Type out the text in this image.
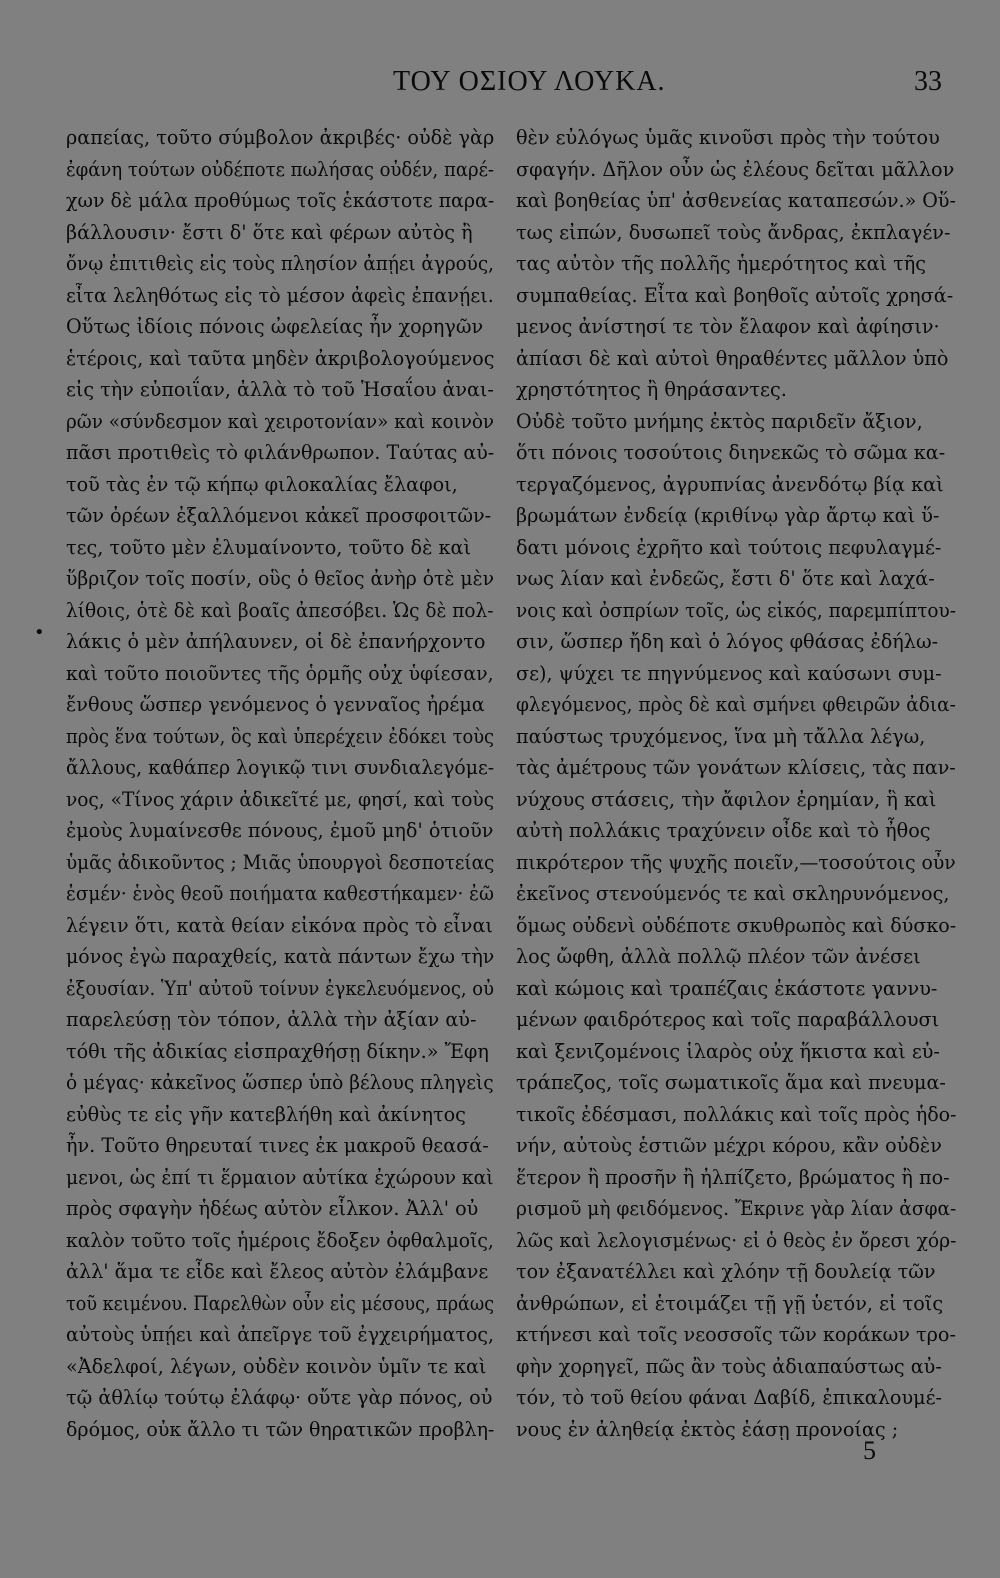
ΤΟΥ ΟΣΙΟΥ ΛΟΥΚΑ.	33
•
ραπείας, τοῦτο σύμβολον ἀκριβές· οὐδὲ γὰρ
ἐφάνη τούτων οὐδέποτε πωλήσας οὐδέν, παρέ-
χων δὲ μάλα προθύμως τοῖς ἑκάστοτε παρα-
βάλλουσιν· ἔστι δ' ὅτε καὶ φέρων αὐτὸς ἢ
ὄνῳ ἐπιτιθεὶς εἰς τοὺς πλησίον ἀπῄει ἀγρούς,
εἶτα λεληθότως εἰς τὸ μέσον ἀφεὶς ἐπανῄει.
Οὕτως ἰδίοις πόνοις ὠφελείας ἦν χορηγῶν
ἑτέροις, καὶ ταῦτα μηδὲν ἀκριβολογούμενος
εἰς τὴν εὐποιΐαν, ἀλλὰ τὸ τοῦ Ἡσαΐου ἀναι-
ρῶν «σύνδεσμον καὶ χειροτονίαν» καὶ κοινὸν
πᾶσι προτιθεὶς τὸ φιλάνθρωπον. Ταύτας αὐ-
τοῦ τὰς ἐν τῷ κήπῳ φιλοκαλίας ἔλαφοι,
τῶν ὀρέων ἐξαλλόμενοι κἀκεῖ προσφοιτῶν-
τες, τοῦτο μὲν ἐλυμαίνοντο, τοῦτο δὲ καὶ
ὕβριζον τοῖς ποσίν, οὓς ὁ θεῖος ἀνὴρ ὁτὲ μὲν
λίθοις, ὁτὲ δὲ καὶ βοαῖς ἀπεσόβει. Ὡς δὲ πολ-
λάκις ὁ μὲν ἀπήλαυνεν, οἱ δὲ ἐπανήρχοντο
καὶ τοῦτο ποιοῦντες τῆς ὁρμῆς οὐχ ὑφίεσαν,
ἔνθους ὥσπερ γενόμενος ὁ γενναῖος ἠρέμα
πρὸς ἕνα τούτων, ὃς καὶ ὑπερέχειν ἐδόκει τοὺς
ἄλλους, καθάπερ λογικῷ τινι συνδιαλεγόμε-
νος, «Τίνος χάριν ἀδικεῖτέ με, φησί, καὶ τοὺς
ἐμοὺς λυμαίνεσθε πόνους, ἐμοῦ μηδ' ὁτιοῦν
ὑμᾶς ἀδικοῦντος ; Μιᾶς ὑπουργοὶ δεσποτείας
ἐσμέν· ἑνὸς θεοῦ ποιήματα καθεστήκαμεν· ἐῶ
λέγειν ὅτι, κατὰ θείαν εἰκόνα πρὸς τὸ εἶναι
μόνος ἐγὼ παραχθείς, κατὰ πάντων ἔχω τὴν
ἐξουσίαν. Ὑπ' αὐτοῦ τοίνυν ἐγκελευόμενος, οὐ
παρελεύσῃ τὸν τόπον, ἀλλὰ τὴν ἀξίαν αὐ-
τόθι τῆς ἀδικίας εἰσπραχθήσῃ δίκην.» Ἔφη
ὁ μέγας· κἀκεῖνος ὥσπερ ὑπὸ βέλους πληγεὶς
εὐθὺς τε εἰς γῆν κατεβλήθη καὶ ἀκίνητος
ἦν. Τοῦτο θηρευταί τινες ἐκ μακροῦ θεασά-
μενοι, ὡς ἐπί τι ἕρμαιον αὐτίκα ἐχώρουν καὶ
πρὸς σφαγὴν ἡδέως αὐτὸν εἷλκον. Ἀλλ' οὐ
καλὸν τοῦτο τοῖς ἡμέροις ἔδοξεν ὀφθαλμοῖς,
ἀλλ' ἅμα τε εἶδε καὶ ἔλεος αὐτὸν ἐλάμβανε
τοῦ κειμένου. Παρελθὼν οὖν εἰς μέσους, πράως
αὐτοὺς ὑπῄει καὶ ἀπεῖργε τοῦ ἐγχειρήματος,
«Ἀδελφοί, λέγων, οὐδὲν κοινὸν ὑμῖν τε καὶ
τῷ ἀθλίῳ τούτῳ ἐλάφῳ· οὔτε γὰρ πόνος, οὐ
δρόμος, οὐκ ἄλλο τι τῶν θηρατικῶν προβλη-
θὲν εὐλόγως ὑμᾶς κινοῦσι πρὸς τὴν τούτου
σφαγήν. Δῆλον οὖν ὡς ἐλέους δεῖται μᾶλλον
καὶ βοηθείας ὑπ' ἀσθενείας καταπεσών.» Οὕ-
τως εἰπών, δυσωπεῖ τοὺς ἄνδρας, ἐκπλαγέν-
τας αὐτὸν τῆς πολλῆς ἡμερότητος καὶ τῆς
συμπαθείας. Εἶτα καὶ βοηθοῖς αὐτοῖς χρησά-
μενος ἀνίστησί τε τὸν ἔλαφον καὶ ἀφίησιν·
ἀπίασι δὲ καὶ αὐτοὶ θηραθέντες μᾶλλον ὑπὸ
χρηστότητος ἢ θηράσαντες.
Οὐδὲ τοῦτο μνήμης ἐκτὸς παριδεῖν ἄξιον,
ὅτι πόνοις τοσούτοις διηνεκῶς τὸ σῶμα κα-
τεργαζόμενος, ἀγρυπνίας ἀνενδότῳ βίᾳ καὶ
βρωμάτων ἐνδείᾳ (κριθίνῳ γὰρ ἄρτῳ καὶ ὕ-
δατι μόνοις ἐχρῆτο καὶ τούτοις πεφυλαγμέ-
νως λίαν καὶ ἐνδεῶς, ἔστι δ' ὅτε καὶ λαχά-
νοις καὶ ὀσπρίων τοῖς, ὡς εἰκός, παρεμπίπτου-
σιν, ὥσπερ ἤδη καὶ ὁ λόγος φθάσας ἐδήλω-
σε), ψύχει τε πηγνύμενος καὶ καύσωνι συμ-
φλεγόμενος, πρὸς δὲ καὶ σμήνει φθειρῶν ἀδια-
παύστως τρυχόμενος, ἵνα μὴ τἄλλα λέγω,
τὰς ἀμέτρους τῶν γονάτων κλίσεις, τὰς παν-
νύχους στάσεις, τὴν ἄφιλον ἐρημίαν, ἣ καὶ
αὐτὴ πολλάκις τραχύνειν οἶδε καὶ τὸ ἦθος
πικρότερον τῆς ψυχῆς ποιεῖν,—τοσούτοις οὖν
ἐκεῖνος στενούμενός τε καὶ σκληρυνόμενος,
ὅμως οὐδενὶ οὐδέποτε σκυθρωπὸς καὶ δύσκο-
λος ὤφθη, ἀλλὰ πολλῷ πλέον τῶν ἀνέσει
καὶ κώμοις καὶ τραπέζαις ἑκάστοτε γαννυ-
μένων φαιδρότερος καὶ τοῖς παραβάλλουσι
καὶ ξενιζομένοις ἱλαρὸς οὐχ ἥκιστα καὶ εὐ-
τράπεζος, τοῖς σωματικοῖς ἅμα καὶ πνευμα-
τικοῖς ἐδέσμασι, πολλάκις καὶ τοῖς πρὸς ἡδο-
νήν, αὐτοὺς ἑστιῶν μέχρι κόρου, κἂν οὐδὲν
ἕτερον ἢ προσῆν ἢ ἠλπίζετο, βρώματος ἢ πο-
ρισμοῦ μὴ φειδόμενος. Ἔκρινε γὰρ λίαν ἀσφα-
λῶς καὶ λελογισμένως· εἰ ὁ θεὸς ἐν ὄρεσι χόρ-
τον ἐξανατέλλει καὶ χλόην τῇ δουλείᾳ τῶν
ἀνθρώπων, εἰ ἑτοιμάζει τῇ γῇ ὑετόν, εἰ τοῖς
κτήνεσι καὶ τοῖς νεοσσοῖς τῶν κοράκων τρο-
φὴν χορηγεῖ, πῶς ἂν τοὺς ἀδιαπαύστως αὐ-
τόν, τὸ τοῦ θείου φάναι Δαβίδ, ἐπικαλουμέ-
νους ἐν ἀληθείᾳ ἐκτὸς ἐάσῃ προνοίας ;
5
